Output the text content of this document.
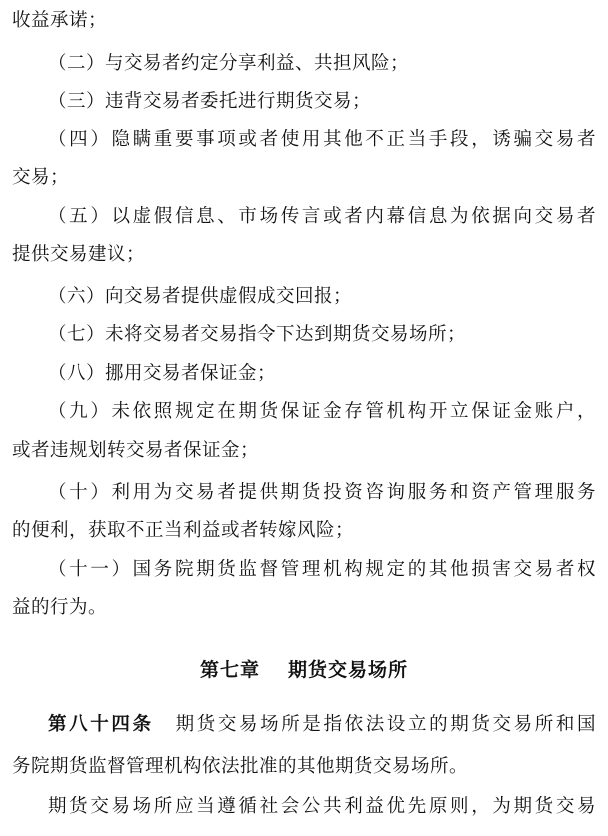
收益承诺；
（二）与交易者约定分享利益、共担风险；
（三）违背交易者委托进行期货交易；
（四）隐瞒重要事项或者使用其他不正当手段，诱骗交易者
交易；
（五）以虚假信息、市场传言或者内幕信息为依据向交易者
提供交易建议；
（六）向交易者提供虚假成交回报；
（七）未将交易者交易指令下达到期货交易场所；
（八）挪用交易者保证金；
（九）未依照规定在期货保证金存管机构开立保证金账户，
或者违规划转交易者保证金；
（十）利用为交易者提供期货投资咨询服务和资产管理服务
的便利，获取不正当利益或者转嫁风险；
（十一）国务院期货监督管理机构规定的其他损害交易者权
益的行为。
第七章 期货交易场所
第八十四条 期货交易场所是指依法设立的期货交易所和国
务院期货监督管理机构依法批准的其他期货交易场所。
期货交易场所应当遵循社会公共利益优先原则，为期货交易
